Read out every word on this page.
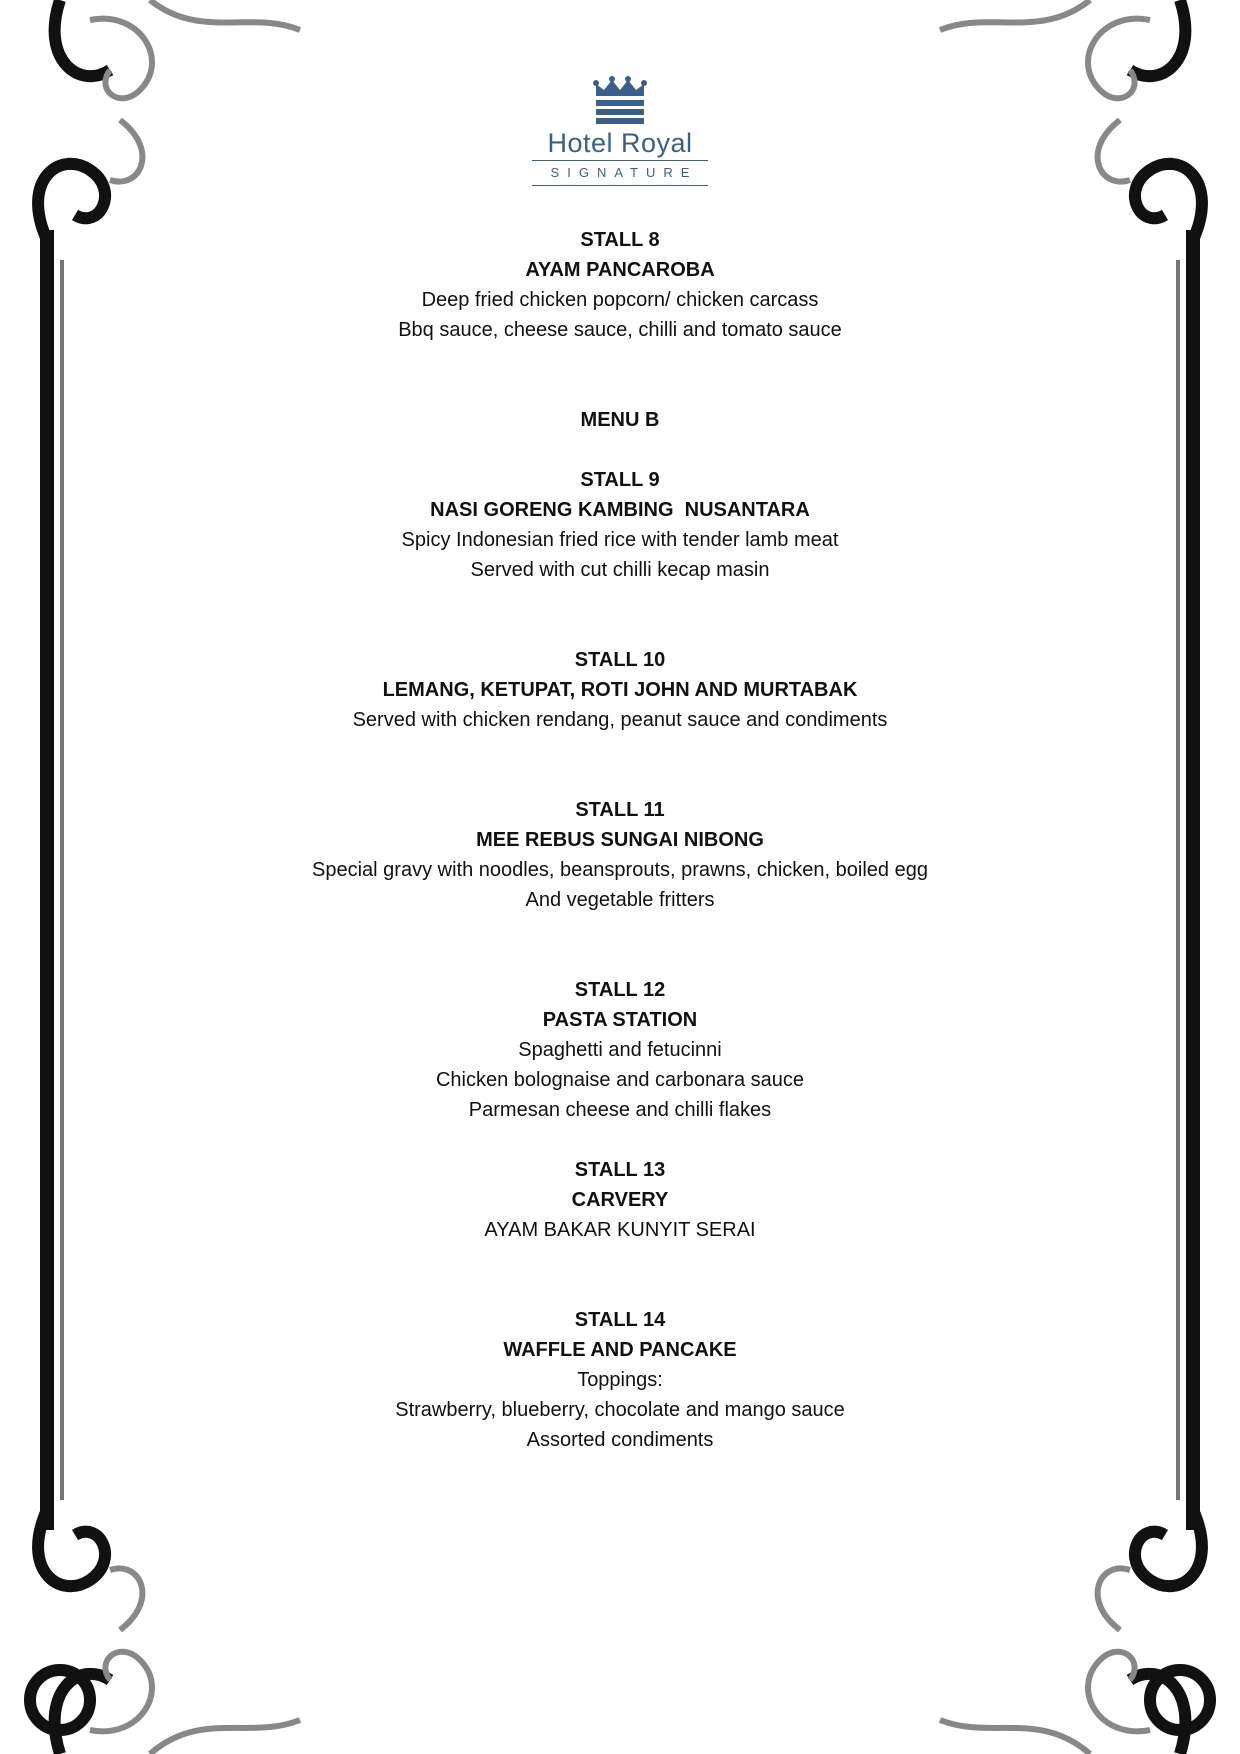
Hotel Royal
SIGNATURE

STALL 8

AYAM PANCAROBA

Deep fried chicken popcorn/ chicken carcass

Bbq sauce, cheese sauce, chilli and tomato sauce

MENU B

STALL 9

NASI GORENG KAMBING  NUSANTARA

Spicy Indonesian fried rice with tender lamb meat

Served with cut chilli kecap masin

STALL 10

LEMANG, KETUPAT, ROTI JOHN AND MURTABAK

Served with chicken rendang, peanut sauce and condiments

STALL 11

MEE REBUS SUNGAI NIBONG

Special gravy with noodles, beansprouts, prawns, chicken, boiled egg

And vegetable fritters

STALL 12

PASTA STATION

Spaghetti and fetucinni

Chicken bolognaise and carbonara sauce

Parmesan cheese and chilli flakes

STALL 13

CARVERY

AYAM BAKAR KUNYIT SERAI

STALL 14

WAFFLE AND PANCAKE

Toppings:

Strawberry, blueberry, chocolate and mango sauce

Assorted condiments
